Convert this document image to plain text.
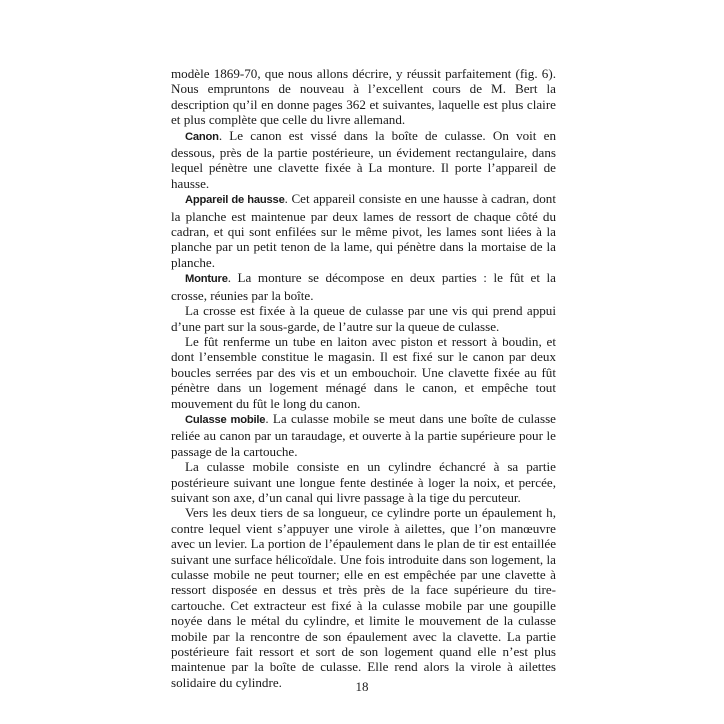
modèle 1869-70, que nous allons décrire, y réussit parfaitement (fig. 6). Nous empruntons de nouveau à l’excellent cours de M. Bert la description qu’il en donne pages 362 et suivantes, laquelle est plus claire et plus complète que celle du livre allemand.

Canon. Le canon est vissé dans la boîte de culasse. On voit en dessous, près de la partie postérieure, un évidement rectangulaire, dans lequel pénètre une clavette fixée à La monture. Il porte l’appareil de hausse.

Appareil de hausse. Cet appareil consiste en une hausse à cadran, dont la planche est maintenue par deux lames de ressort de chaque côté du cadran, et qui sont enfilées sur le même pivot, les lames sont liées à la planche par un petit tenon de la lame, qui pénètre dans la mortaise de la planche.

Monture. La monture se décompose en deux parties : le fût et la crosse, réunies par la boîte.

La crosse est fixée à la queue de culasse par une vis qui prend appui d’une part sur la sous-garde, de l’autre sur la queue de culasse.

Le fût renferme un tube en laiton avec piston et ressort à boudin, et dont l’ensemble constitue le magasin. Il est fixé sur le canon par deux boucles serrées par des vis et un embouchoir. Une clavette fixée au fût pénètre dans un logement ménagé dans le canon, et empêche tout mouvement du fût le long du canon.

Culasse mobile. La culasse mobile se meut dans une boîte de culasse reliée au canon par un taraudage, et ouverte à la partie supérieure pour le passage de la cartouche.

La culasse mobile consiste en un cylindre échancré à sa partie postérieure suivant une longue fente destinée à loger la noix, et percée, suivant son axe, d’un canal qui livre passage à la tige du percuteur.

Vers les deux tiers de sa longueur, ce cylindre porte un épaulement h, contre lequel vient s’appuyer une virole à ailettes, que l’on manœuvre avec un levier. La portion de l’épaulement dans le plan de tir est entaillée suivant une surface hélicoïdale. Une fois introduite dans son logement, la culasse mobile ne peut tourner; elle en est empêchée par une clavette à ressort disposée en dessus et très près de la face supérieure du tire-cartouche. Cet extracteur est fixé à la culasse mobile par une goupille noyée dans le métal du cylindre, et limite le mouvement de la culasse mobile par la rencontre de son épaulement avec la clavette. La partie postérieure fait ressort et sort de son logement quand elle n’est plus maintenue par la boîte de culasse. Elle rend alors la virole à ailettes solidaire du cylindre.	18
